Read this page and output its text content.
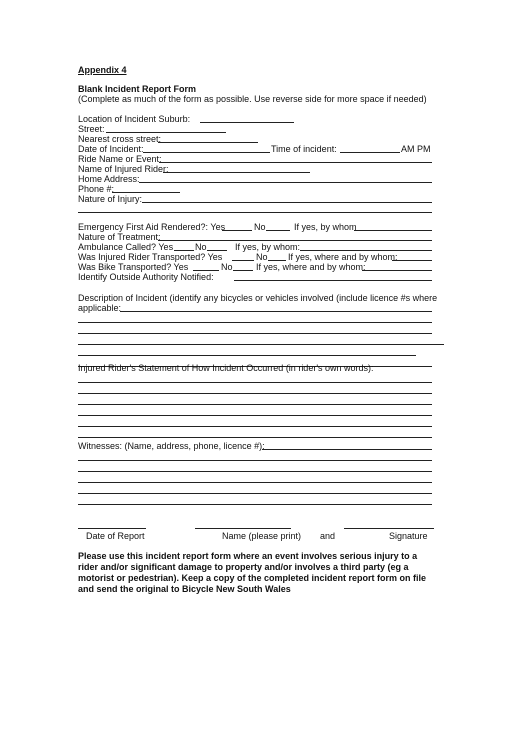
Appendix 4
Blank Incident Report Form
(Complete as much of the form as possible. Use reverse side for more space if needed)
Location of Incident Suburb:
Street:
Nearest cross street:
Date of Incident:	Time of incident:	AM PM
Ride Name or Event:
Name of Injured Rider:
Home Address:
Phone #:
Nature of Injury:
Emergency First Aid Rendered?: Yes	No	If yes, by whom
Nature of Treatment:
Ambulance Called? Yes No	If yes, by whom:
Was Injured Rider Transported? Yes	No If yes, where and by whom:
Was Bike Transported? Yes	No	If yes, where and by whom:
Identify Outside Authority Notified:
Description of Incident (identify any bicycles or vehicles involved (include licence #s where
applicable:
Injured Rider's Statement of How Incident Occurred (in rider's own words):
Witnesses: (Name, address, phone, licence #):
Date of Report	Name (please print) and	Signature
Please use this incident report form where an event involves serious injury to a rider and/or significant damage to property and/or involves a third party (eg a motorist or pedestrian). Keep a copy of the completed incident report form on file and send the original to Bicycle New South Wales
